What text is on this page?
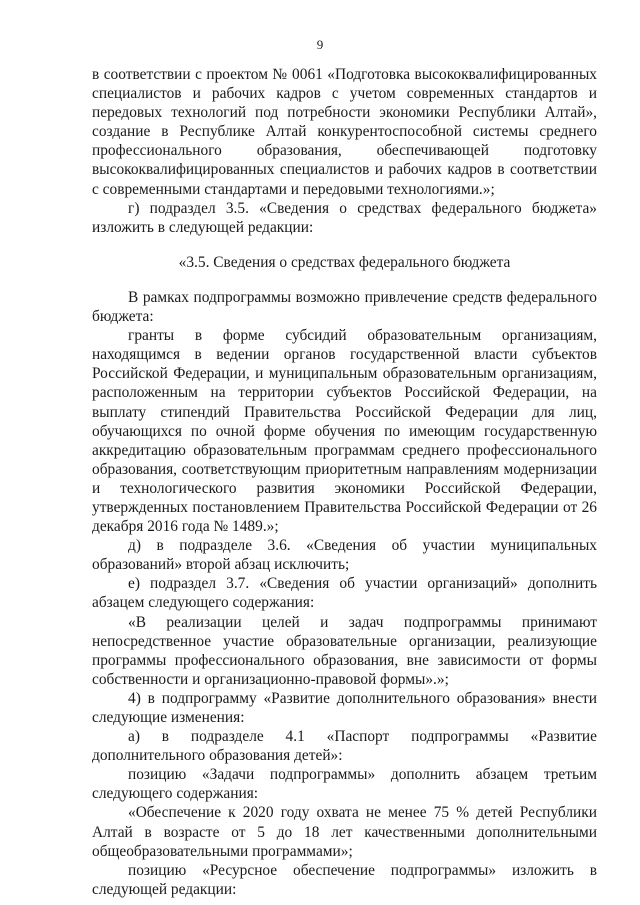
9

в соответствии с проектом № 0061 «Подготовка высококвалифицированных специалистов и рабочих кадров с учетом современных стандартов и передовых технологий под потребности экономики Республики Алтай», создание в Республике Алтай конкурентоспособной системы среднего профессионального образования, обеспечивающей подготовку высококвалифицированных специалистов и рабочих кадров в соответствии с современными стандартами и передовыми технологиями.»;

г) подраздел 3.5. «Сведения о средствах федерального бюджета» изложить в следующей редакции:

«3.5. Сведения о средствах федерального бюджета

В рамках подпрограммы возможно привлечение средств федерального бюджета:

гранты в форме субсидий образовательным организациям, находящимся в ведении органов государственной власти субъектов Российской Федерации, и муниципальным образовательным организациям, расположенным на территории субъектов Российской Федерации, на выплату стипендий Правительства Российской Федерации для лиц, обучающихся по очной форме обучения по имеющим государственную аккредитацию образовательным программам среднего профессионального образования, соответствующим приоритетным направлениям модернизации и технологического развития экономики Российской Федерации, утвержденных постановлением Правительства Российской Федерации от 26 декабря 2016 года № 1489.»;

д) в подразделе 3.6. «Сведения об участии муниципальных образований» второй абзац исключить;

е) подраздел 3.7. «Сведения об участии организаций» дополнить абзацем следующего содержания:

«В реализации целей и задач подпрограммы принимают непосредственное участие образовательные организации, реализующие программы профессионального образования, вне зависимости от формы собственности и организационно-правовой формы».»;

4) в подпрограмму «Развитие дополнительного образования» внести следующие изменения:

а) в подразделе 4.1 «Паспорт подпрограммы «Развитие дополнительного образования детей»:

позицию «Задачи подпрограммы» дополнить абзацем третьим следующего содержания:

«Обеспечение к 2020 году охвата не менее 75 % детей Республики Алтай в возрасте от 5 до 18 лет качественными дополнительными общеобразовательными программами»;

позицию «Ресурсное обеспечение подпрограммы» изложить в следующей редакции:
